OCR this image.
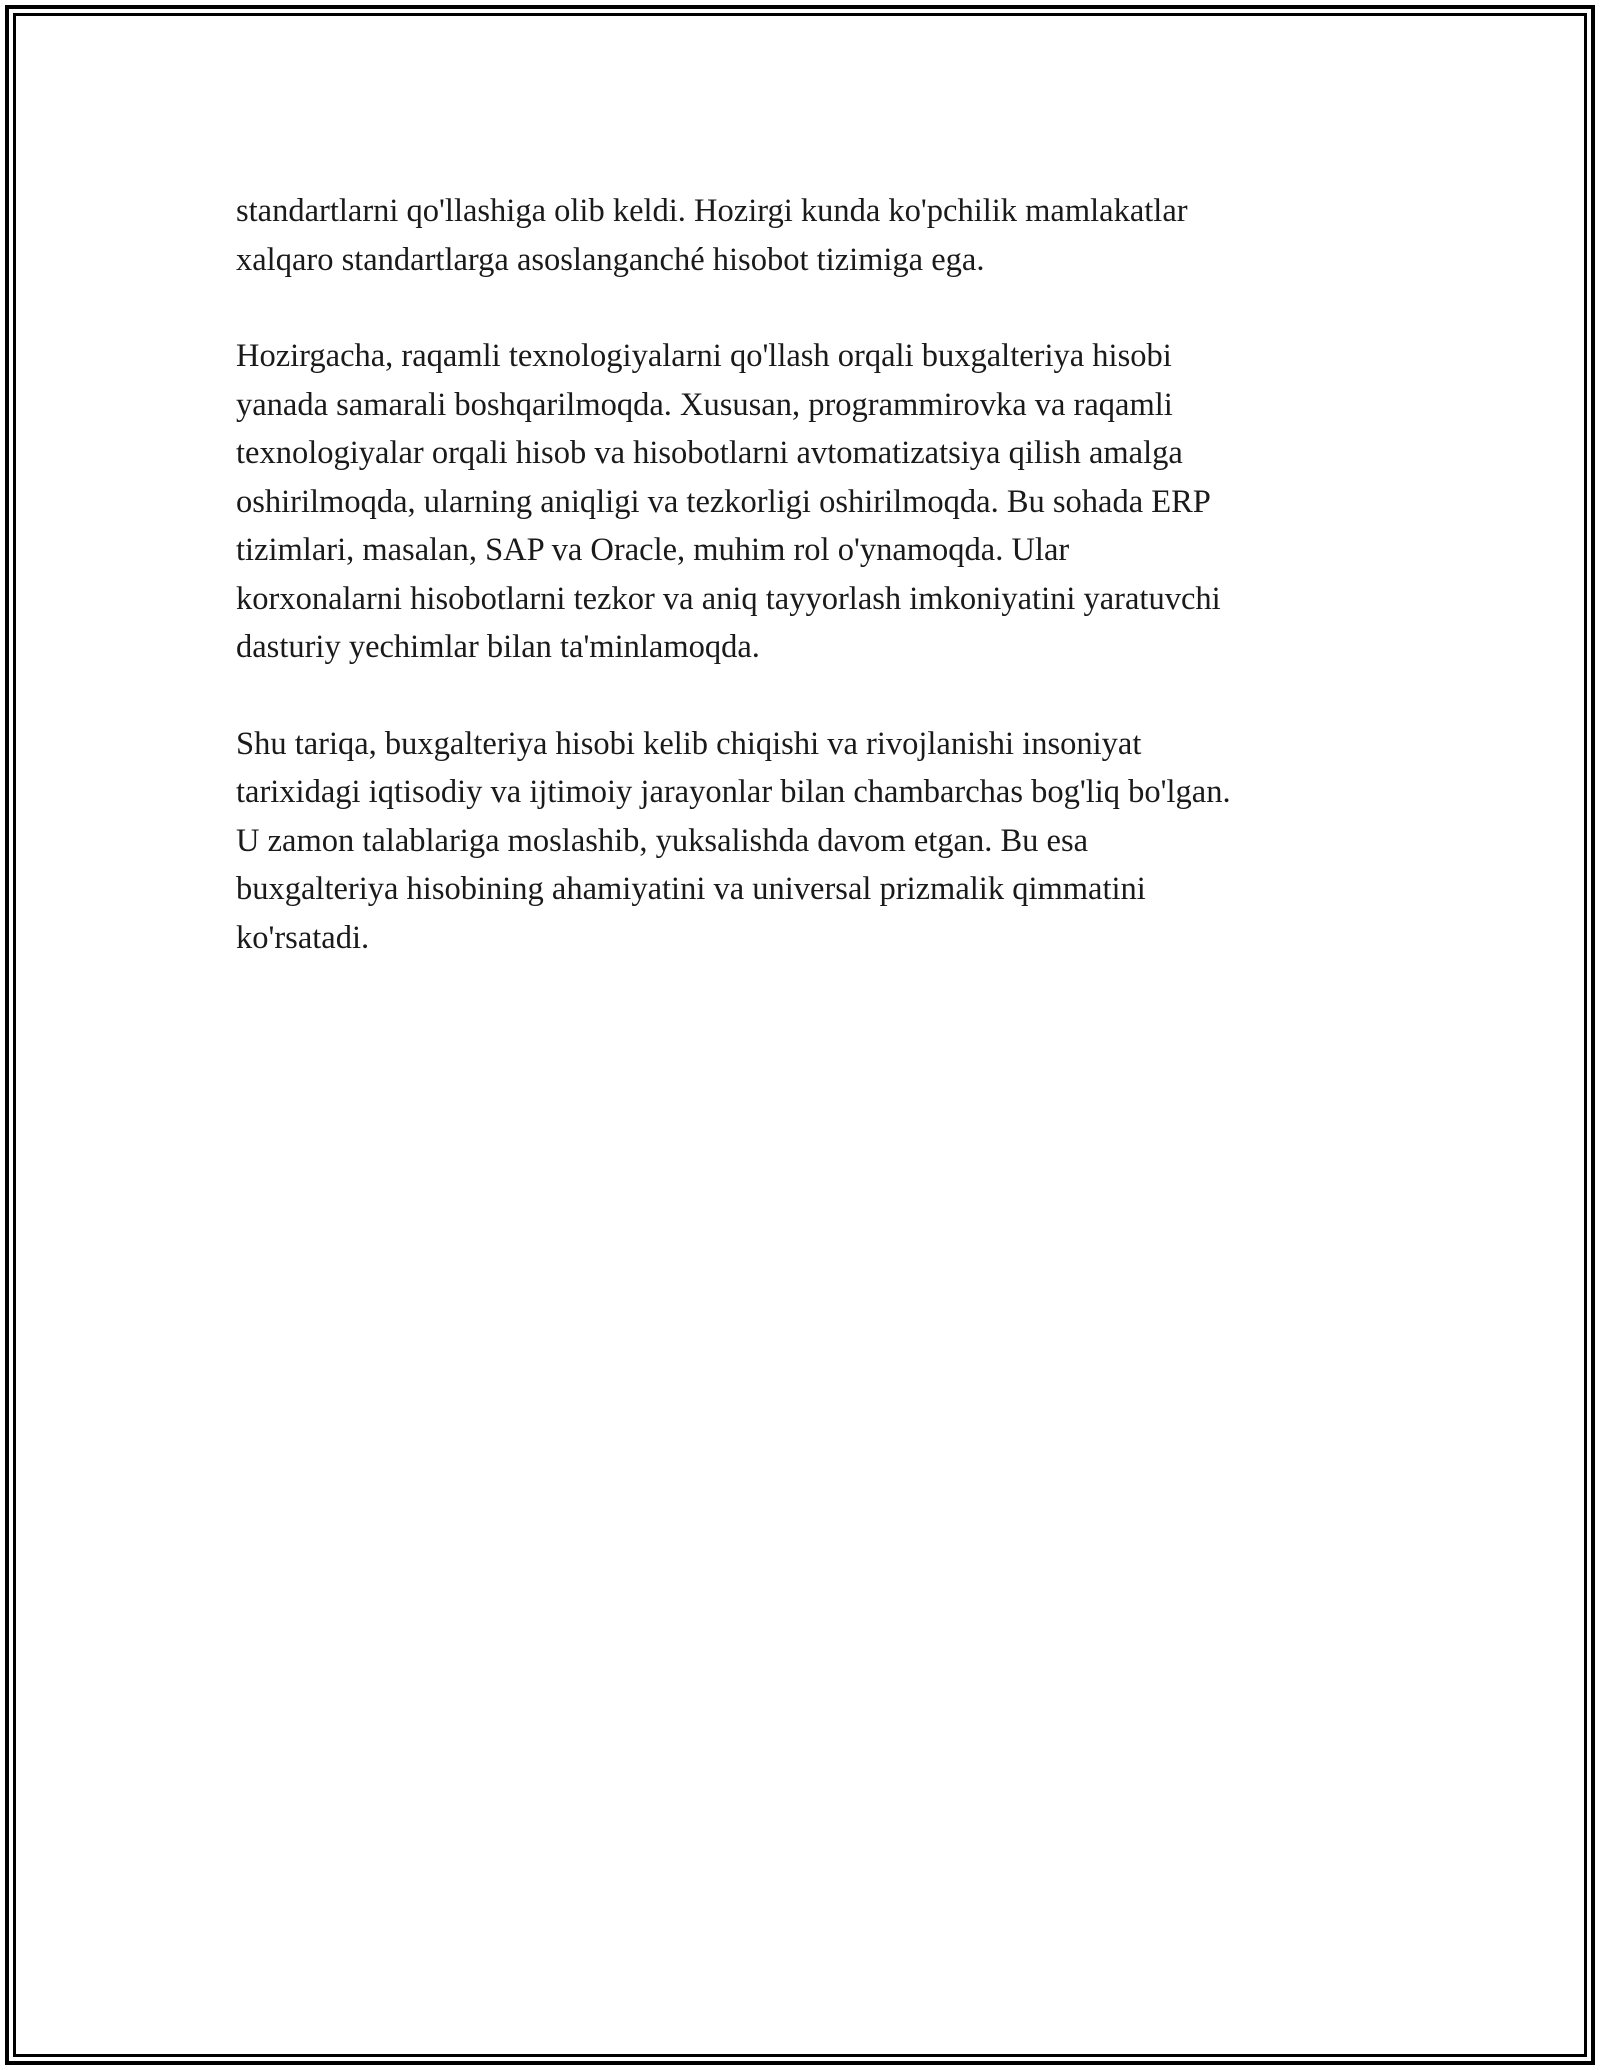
standartlarni qo'llashiga olib keldi. Hozirgi kunda ko'pchilik mamlakatlar
xalqaro standartlarga asoslanganché hisobot tizimiga ega.

Hozirgacha, raqamli texnologiyalarni qo'llash orqali buxgalteriya hisobi
yanada samarali boshqarilmoqda. Xususan, programmirovka va raqamli
texnologiyalar orqali hisob va hisobotlarni avtomatizatsiya qilish amalga
oshirilmoqda, ularning aniqligi va tezkorligi oshirilmoqda. Bu sohada ERP
tizimlari, masalan, SAP va Oracle, muhim rol o'ynamoqda. Ular
korxonalarni hisobotlarni tezkor va aniq tayyorlash imkoniyatini yaratuvchi
dasturiy yechimlar bilan ta'minlamoqda.

Shu tariqa, buxgalteriya hisobi kelib chiqishi va rivojlanishi insoniyat
tarixidagi iqtisodiy va ijtimoiy jarayonlar bilan chambarchas bog'liq bo'lgan.
U zamon talablariga moslashib, yuksalishda davom etgan. Bu esa
buxgalteriya hisobining ahamiyatini va universal prizmalik qimmatini
ko'rsatadi.
